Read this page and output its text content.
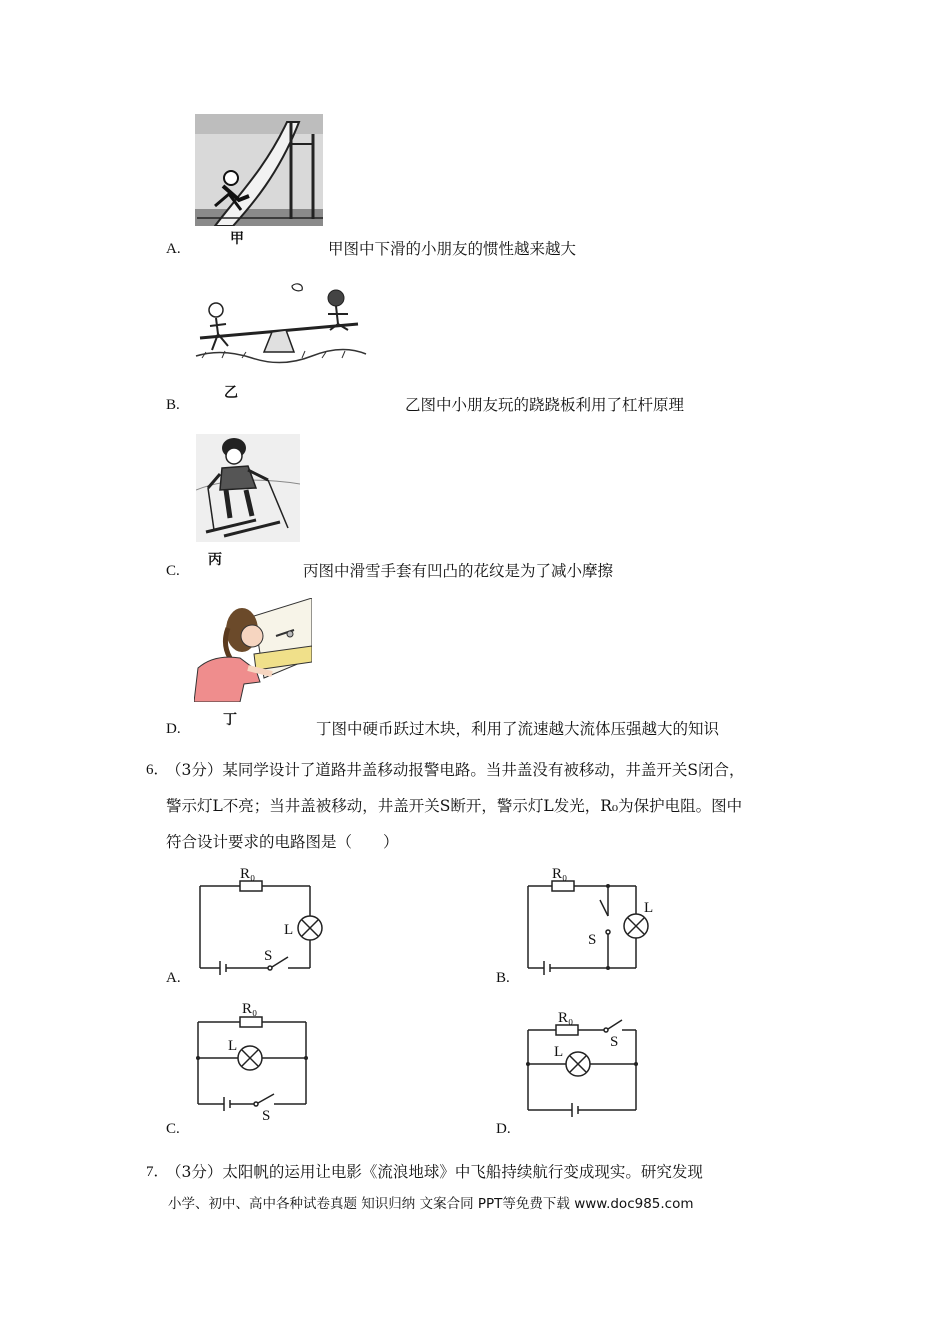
甲
A.	甲图中下滑的小朋友的惯性越来越大
乙
B.	乙图中小朋友玩的跷跷板利用了杠杆原理
丙
C.	丙图中滑雪手套有凹凸的花纹是为了减小摩擦
丁
D.	丁图中硬币跃过木块，利用了流速越大流体压强越大的知识
6．
（3分）某同学设计了道路井盖移动报警电路。当井盖没有被移动，井盖开关S闭合，
警示灯L不亮；当井盖被移动，井盖开关S断开，警示灯L发光，R₀为保护电阻。图中
符合设计要求的电路图是（　　）
R₀
L
S
A.
R₀
L
S
B.
R₀
L
S
C.
R₀
L
S
D.
7．
（3分）太阳帆的运用让电影《流浪地球》中飞船持续航行变成现实。研究发现
小学、初中、高中各种试卷真题 知识归纳 文案合同 PPT等免费下载 www.doc985.com
